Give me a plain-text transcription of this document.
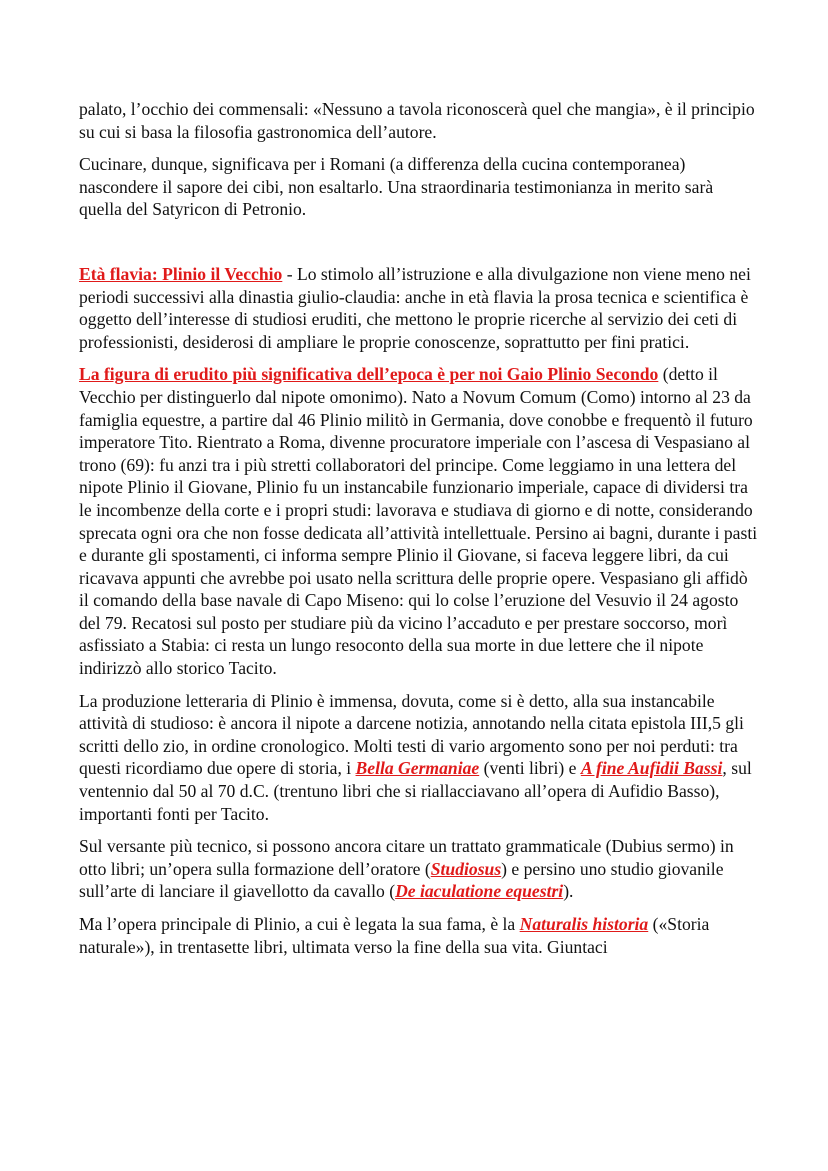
palato, l’occhio dei commensali: «Nessuno a tavola riconoscerà quel che mangia», è il principio su cui si basa la filosofia gastronomica dell’autore.

Cucinare, dunque, significava per i Romani (a differenza della cucina contemporanea) nascondere il sapore dei cibi, non esaltarlo. Una straordinaria testimonianza in merito sarà quella del Satyricon di Petronio.

Età flavia: Plinio il Vecchio - Lo stimolo all’istruzione e alla divulgazione non viene meno nei periodi successivi alla dinastia giulio-claudia: anche in età flavia la prosa tecnica e scientifica è oggetto dell’interesse di studiosi eruditi, che mettono le proprie ricerche al servizio dei ceti di professionisti, desiderosi di ampliare le proprie conoscenze, soprattutto per fini pratici.

La figura di erudito più significativa dell’epoca è per noi Gaio Plinio Secondo (detto il Vecchio per distinguerlo dal nipote omonimo). Nato a Novum Comum (Como) intorno al 23 da famiglia equestre, a partire dal 46 Plinio militò in Germania, dove conobbe e frequentò il futuro imperatore Tito. Rientrato a Roma, divenne procuratore imperiale con l’ascesa di Vespasiano al trono (69): fu anzi tra i più stretti collaboratori del principe. Come leggiamo in una lettera del nipote Plinio il Giovane, Plinio fu un instancabile funzionario imperiale, capace di dividersi tra le incombenze della corte e i propri studi: lavorava e studiava di giorno e di notte, considerando sprecata ogni ora che non fosse dedicata all’attività intellettuale. Persino ai bagni, durante i pasti e durante gli spostamenti, ci informa sempre Plinio il Giovane, si faceva leggere libri, da cui ricavava appunti che avrebbe poi usato nella scrittura delle proprie opere. Vespasiano gli affidò il comando della base navale di Capo Miseno: qui lo colse l’eruzione del Vesuvio il 24 agosto del 79. Recatosi sul posto per studiare più da vicino l’accaduto e per prestare soccorso, morì asfissiato a Stabia: ci resta un lungo resoconto della sua morte in due lettere che il nipote indirizzò allo storico Tacito.

La produzione letteraria di Plinio è immensa, dovuta, come si è detto, alla sua instancabile attività di studioso: è ancora il nipote a darcene notizia, annotando nella citata epistola III,5 gli scritti dello zio, in ordine cronologico. Molti testi di vario argomento sono per noi perduti: tra questi ricordiamo due opere di storia, i Bella Germaniae (venti libri) e A fine Aufidii Bassi, sul ventennio dal 50 al 70 d.C. (trentuno libri che si riallacciavano all’opera di Aufidio Basso), importanti fonti per Tacito.

Sul versante più tecnico, si possono ancora citare un trattato grammaticale (Dubius sermo) in otto libri; un’opera sulla formazione dell’oratore (Studiosus) e persino uno studio giovanile sull’arte di lanciare il giavellotto da cavallo (De iaculatione equestri).

Ma l’opera principale di Plinio, a cui è legata la sua fama, è la Naturalis historia («Storia naturale»), in trentasette libri, ultimata verso la fine della sua vita. Giuntaci
